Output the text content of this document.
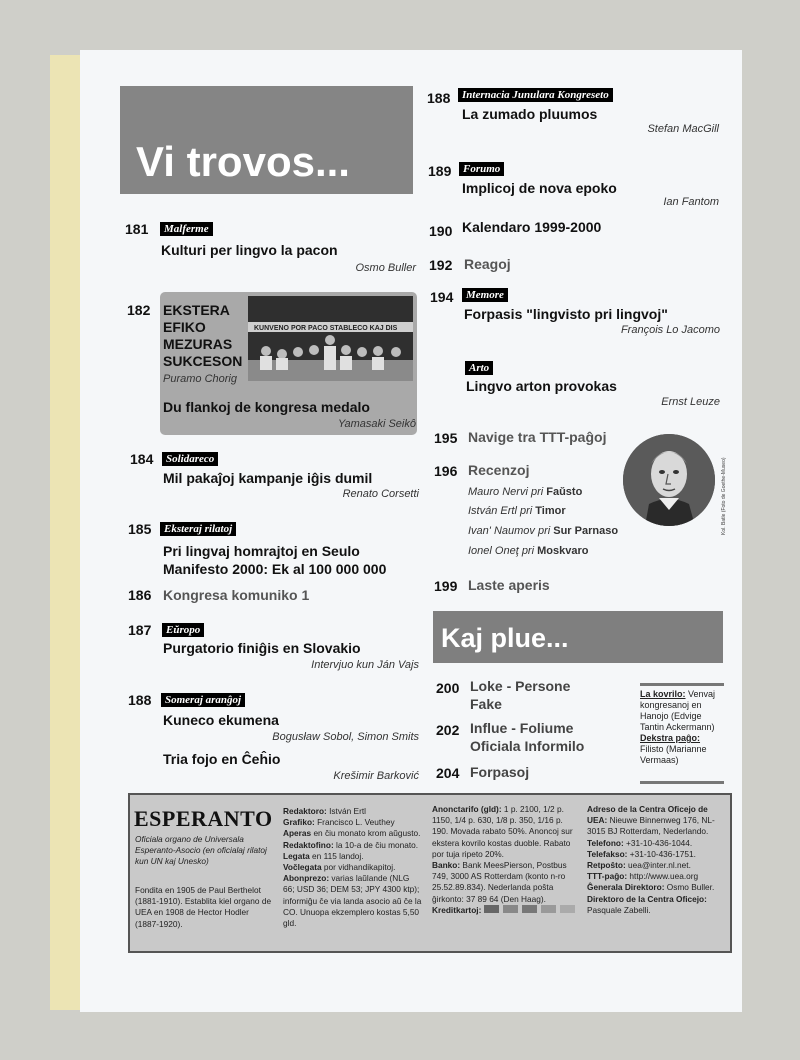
Vi trovos...
181	Malferme
Kulturi per lingvo la pacon
Osmo Buller
182
KUNVENO POR PACO STABLECO KAJ DIS
EKSTERA
EFIKO
MEZURAS
SUKCESON
Puramo Chorig
Du flankoj de kongresa medalo
Yamasaki Seikô
184	Solidareco
Mil pakaĵoj kampanje iĝis dumil
Renato Corsetti
185	Eksteraj rilatoj
Pri lingvaj homrajtoj en Seulo
Manifesto 2000: Ek al 100 000 000
186 Kongresa komuniko 1
187	Eŭropo
Purgatorio finiĝis en Slovakio
Intervjuo kun Ján Vajs
188	Someraj aranĝoj
Kuneco ekumena
Bogusław Sobol, Simon Smits
Tria fojo en Ĉeĥio
Krešimir Barković
188	Internacia Junulara Kongreseto
La zumado pluumos
Stefan MacGill
189	Forumo
Implicoj de nova epoko
Ian Fantom
190 Kalendaro 1999-2000
192 Reagoj
194	Memore
Forpasis "lingvisto pri lingvoj"
François Lo Jacomo
Arto
Lingvo arton provokas
Ernst Leuze
195 Navige tra TTT-paĝoj
196 Recenzoj
Mauro Nervi pri Faŭsto
István Ertl pri Timor
Ivan' Naumov pri Sur Parnaso
Ionel Oneţ pri Moskvaro
Kol. Batle (Foto de Goethe-Museo)
199 Laste aperis
Kaj plue...
200 Loke - Persone
Fake
202 Influe - Foliume
Oficiala Informilo
204 Forpasoj
La kovrilo: Venvaj kongresanoj en Hanojo (Edvige Tantin Ackermann)
Dekstra paĝo: Filisto (Marianne Vermaas)
ESPERANTO
Oficiala organo de Universala Esperanto-Asocio (en oficialaj rilatoj kun UN kaj Unesko)
Fondita en 1905 de Paul Berthelot (1881-1910). Establita kiel organo de UEA en 1908 de Hector Hodler (1887-1920).
Redaktoro: István Ertl
Grafiko: Francisco L. Veuthey
Aperas en ĉiu monato krom aŭgusto.
Redaktofino: la 10-a de ĉiu monato.
Legata en 115 landoj.
Vočlegata por vidhandikapitoj.
Abonprezo: varias laŭlande (NLG 66; USD 36; DEM 53; JPY 4300 ktp); informiĝu ĉe via landa asocio aŭ ĉe la CO. Unuopa ekzemplero kostas 5,50 gld.
Anonctarifo (gld): 1 p. 2100, 1/2 p. 1150, 1/4 p. 630, 1/8 p. 350, 1/16 p. 190. Movada rabato 50%. Anoncoj sur ekstera kovrilo kostas duoble. Rabato por tuja ripeto 20%.
Banko: Bank MeesPierson, Postbus 749, 3000 AS Rotterdam (konto n-ro 25.52.89.834). Nederlanda poŝta ĝirkonto: 37 89 64 (Den Haag).
Kreditkartoj:
Adreso de la Centra Oficejo de UEA: Nieuwe Binnenweg 176, NL-3015 BJ Rotterdam, Nederlando.
Telefono: +31-10-436-1044.
Telefakso: +31-10-436-1751.
Retpoŝto: uea@inter.nl.net.
TTT-paĝo: http://www.uea.org
Ĝenerala Direktoro: Osmo Buller.
Direktoro de la Centra Oficejo: Pasquale Zabelli.
